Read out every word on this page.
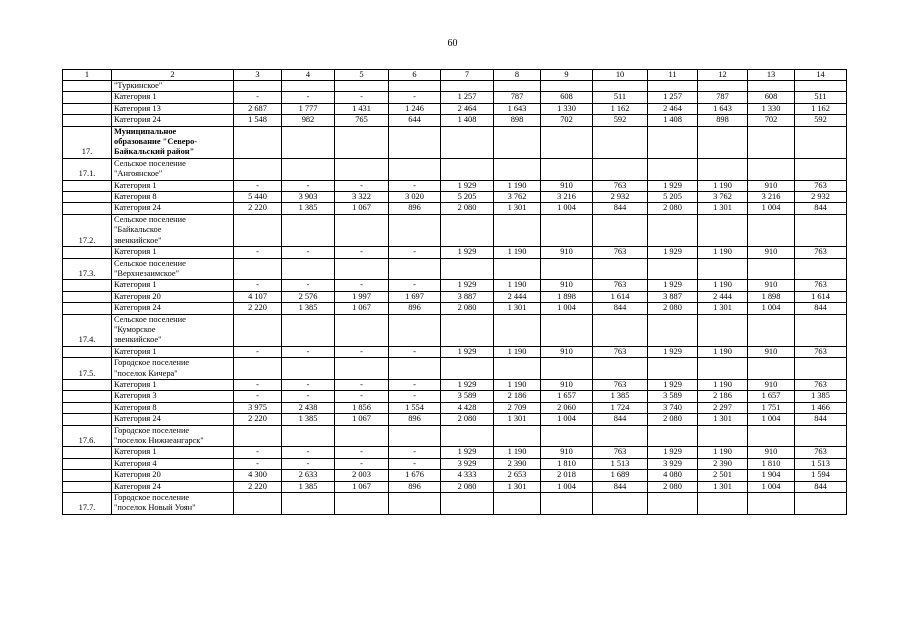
60
1	2	3	4	5	6	7	8	9	10	11	12	13	14

	"Туркинское"												

	Категория 1	-	-	-	-	1 257	787	608	511	1 257	787	608	511

	Категория 13	2 687	1 777	1 431	1 246	2 464	1 643	1 330	1 162	2 464	1 643	1 330	1 162

	Категория 24	1 548	982	765	644	1 408	898	702	592	1 408	898	702	592
17.	Муниципальное
образование "Северо-
Байкальский район"												

17.1.	Сельское поселение
"Ангоянское"												

	Категория 1	-	-	-	-	1 929	1 190	910	763	1 929	1 190	910	763

	Категория 8	5 440	3 903	3 322	3 020	5 205	3 762	3 216	2 932	5 205	3 762	3 216	2 932

	Категория 24	2 220	1 385	1 067	896	2 080	1 301	1 004	844	2 080	1 301	1 004	844
17.2.	Сельское поселение
"Байкальское
эвенкийское"												

	Категория 1	-	-	-	-	1 929	1 190	910	763	1 929	1 190	910	763
17.3.	Сельское поселение
"Верхнезаимское"												

	Категория 1	-	-	-	-	1 929	1 190	910	763	1 929	1 190	910	763

	Категория 20	4 107	2 576	1 997	1 697	3 887	2 444	1 898	1 614	3 887	2 444	1 898	1 614

	Категория 24	2 220	1 385	1 067	896	2 080	1 301	1 004	844	2 080	1 301	1 004	844
17.4.	Сельское поселение
"Куморское
эвенкийское"												

	Категория 1	-	-	-	-	1 929	1 190	910	763	1 929	1 190	910	763
17.5.	Городское поселение
"поселок Кичера"												

	Категория 1	-	-	-	-	1 929	1 190	910	763	1 929	1 190	910	763

	Категория 3	-	-	-	-	3 589	2 186	1 657	1 385	3 589	2 186	1 657	1 385

	Категория 8	3 975	2 438	1 856	1 554	4 428	2 709	2 060	1 724	3 740	2 297	1 751	1 466

	Категория 24	2 220	1 385	1 067	896	2 080	1 301	1 004	844	2 080	1 301	1 004	844
17.6.	Городское поселение
"поселок Нижнеангарск"												

	Категория 1	-	-	-	-	1 929	1 190	910	763	1 929	1 190	910	763

	Категория 4	-	-	-	-	3 929	2 390	1 810	1 513	3 929	2 390	1 810	1 513

	Категория 20	4 300	2 633	2 003	1 676	4 333	2 653	2 018	1 689	4 080	2 501	1 904	1 594

	Категория 24	2 220	1 385	1 067	896	2 080	1 301	1 004	844	2 080	1 301	1 004	844
17.7.	Городское поселение
"поселок Новый Уоян"												
